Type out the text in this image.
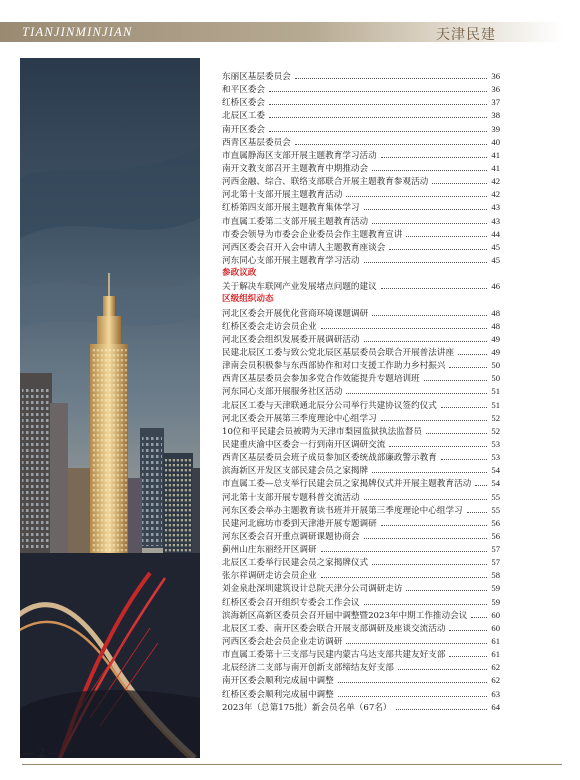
TIANJINMINJIAN	天津民建
东丽区基层委员会	36
和平区委会	36
红桥区委会	37
北辰区工委	38
南开区委会	39
西青区基层委员会	40
市直属静海区支部开展主题教育学习活动	41
南开文教支部召开主题教育中期推动会	41
河西金融、综合、联络支部联合开展主题教育参观活动	42
河北第十支部开展主题教育活动	42
红桥第四支部开展主题教育集体学习	43
市直属工委第二支部开展主题教育活动	43
市委会领导为市委会企业委员会作主题教育宣讲	44
河西区委会召开入会申请人主题教育座谈会	45
河东同心支部开展主题教育学习活动	45
参政议政
关于解决车联网产业发展堵点问题的建议	46
区级组织动态
河北区委会开展优化营商环境课题调研	48
红桥区委会走访会员企业	48
河北区委会组织发展委开展调研活动	49
民建北辰区工委与致公党北辰区基层委员会联合开展普法讲座	49
津南会员积极参与东西部协作和对口支援工作助力乡村振兴	50
西青区基层委员会参加多党合作效能提升专题培训班	50
河东同心支部开展服务社区活动	51
北辰区工委与天津联通北辰分公司举行共建协议签约仪式	51
河北区委会开展第三季度理论中心组学习	52
10位和平民建会员被聘为天津市梨园监狱执法监督员	52
民建重庆渝中区委会一行到南开区调研交流	53
西青区基层委员会班子成员参加区委统战部廉政警示教育	53
滨海新区开发区支部民建会员之家揭牌	54
市直属工委—总支举行民建会员之家揭牌仪式并开展主题教育活动 54
河北第十支部开展专题科普交流活动	55
河东区委会举办主题教育读书班并开展第三季度理论中心组学习	55
民建河北廊坊市委到天津港开展专题调研	56
河东区委会召开重点调研课题协商会	56
蓟州山庄东丽经开区调研	57
北辰区工委举行民建会员之家揭牌仪式	57
张尔祥调研走访会员企业	58
刘金泉赴深圳建筑设计总院天津分公司调研走访	59
红桥区委会召开组织专委会工作会议	59
滨海新区高新区委员会召开届中调整暨2023年中期工作推动会议	60
北辰区工委、南开区委会联合开展支部调研及座谈交流活动	60
河西区委会赴会员企业走访调研	61
市直属工委第十三支部与民建内蒙古乌达支部共建友好支部	61
北辰经济二支部与南开创新支部缔结友好支部	62
南开区委会顺利完成届中调整	62
红桥区委会顺利完成届中调整	63
2023年（总第175批）新会员名单（67名）	64
— 2 —
